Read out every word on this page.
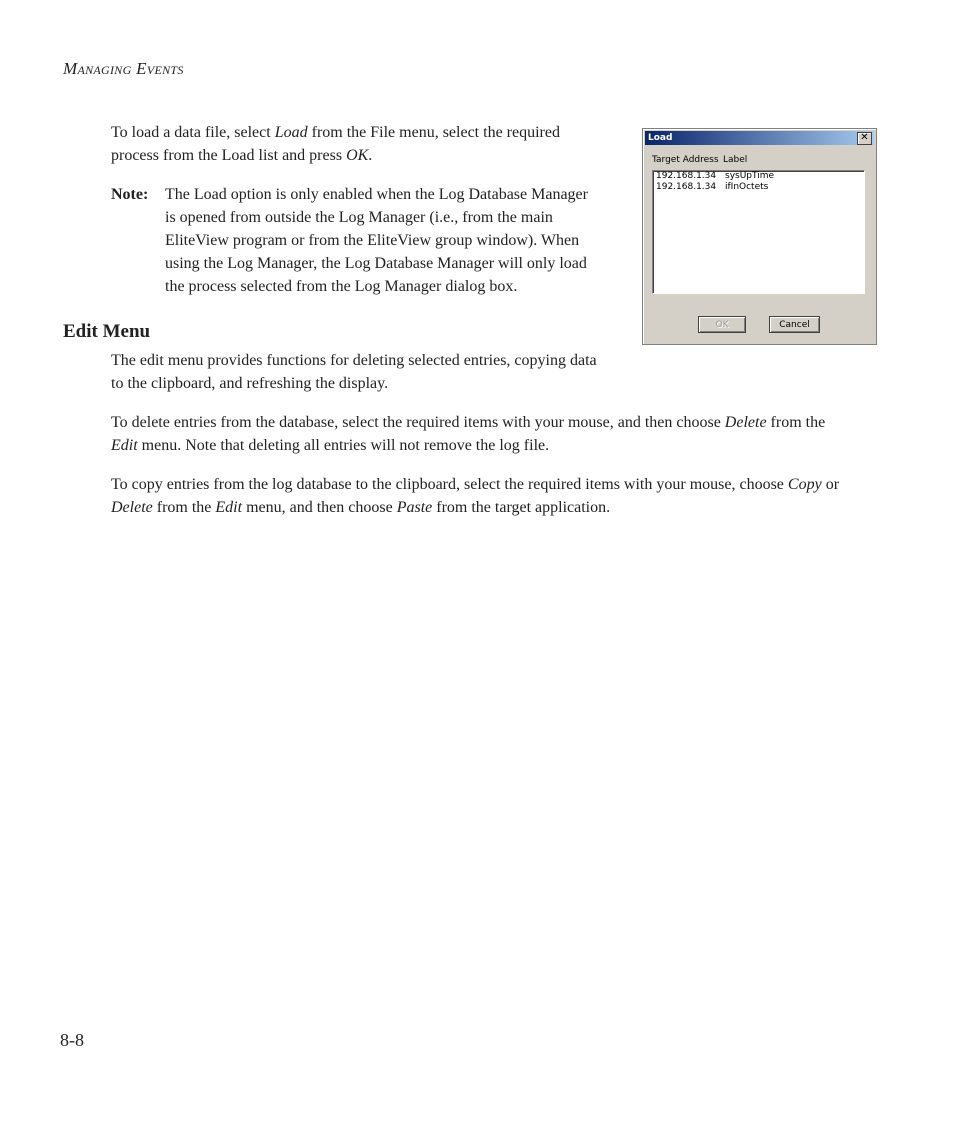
MANAGING EVENTS
To load a data file, select Load from the File menu, select the required
process from the Load list and press OK.
Note: The Load option is only enabled when the Log Database Manager
is opened from outside the Log Manager (i.e., from the main
EliteView program or from the EliteView group window). When
using the Log Manager, the Log Database Manager will only load
the process selected from the Log Manager dialog box.
Edit Menu
The edit menu provides functions for deleting selected entries, copying data
to the clipboard, and refreshing the display.
To delete entries from the database, select the required items with your mouse, and then choose Delete from the
Edit menu. Note that deleting all entries will not remove the log file.
To copy entries from the log database to the clipboard, select the required items with your mouse, choose Copy or
Delete from the Edit menu, and then choose Paste from the target application.
Load	✕
Target Address Label
192.168.1.34 sysUpTime
192.168.1.34 ifInOctets
OK	Cancel
8-8
